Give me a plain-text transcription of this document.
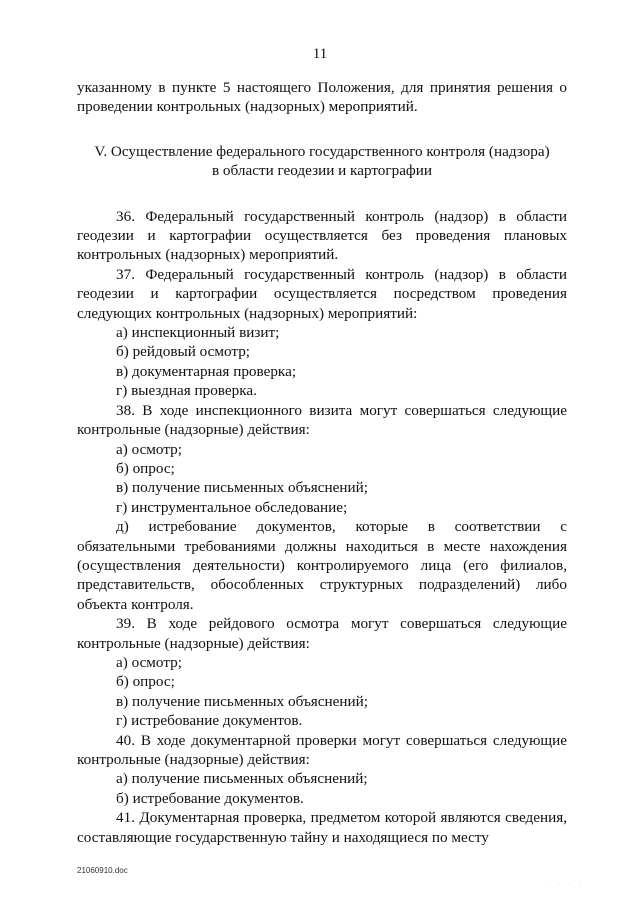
11

указанному в пункте 5 настоящего Положения, для принятия решения о проведении контрольных (надзорных) мероприятий.

V. Осуществление федерального государственного контроля (надзора)
в области геодезии и картографии

36. Федеральный государственный контроль (надзор) в области геодезии и картографии осуществляется без проведения плановых контрольных (надзорных) мероприятий.

37. Федеральный государственный контроль (надзор) в области геодезии и картографии осуществляется посредством проведения следующих контрольных (надзорных) мероприятий:

а) инспекционный визит;

б) рейдовый осмотр;

в) документарная проверка;

г) выездная проверка.

38. В ходе инспекционного визита могут совершаться следующие контрольные (надзорные) действия:

а) осмотр;

б) опрос;

в) получение письменных объяснений;

г) инструментальное обследование;

д) истребование документов, которые в соответствии с обязательными требованиями должны находиться в месте нахождения (осуществления деятельности) контролируемого лица (его филиалов, представительств, обособленных структурных подразделений) либо объекта контроля.

39. В ходе рейдового осмотра могут совершаться следующие контрольные (надзорные) действия:

а) осмотр;

б) опрос;

в) получение письменных объяснений;

г) истребование документов.

40. В ходе документарной проверки могут совершаться следующие контрольные (надзорные) действия:

а) получение письменных объяснений;

б) истребование документов.

41. Документарная проверка, предметом которой являются сведения, составляющие государственную тайну и находящиеся по месту

21060910.doc
· · · ·
